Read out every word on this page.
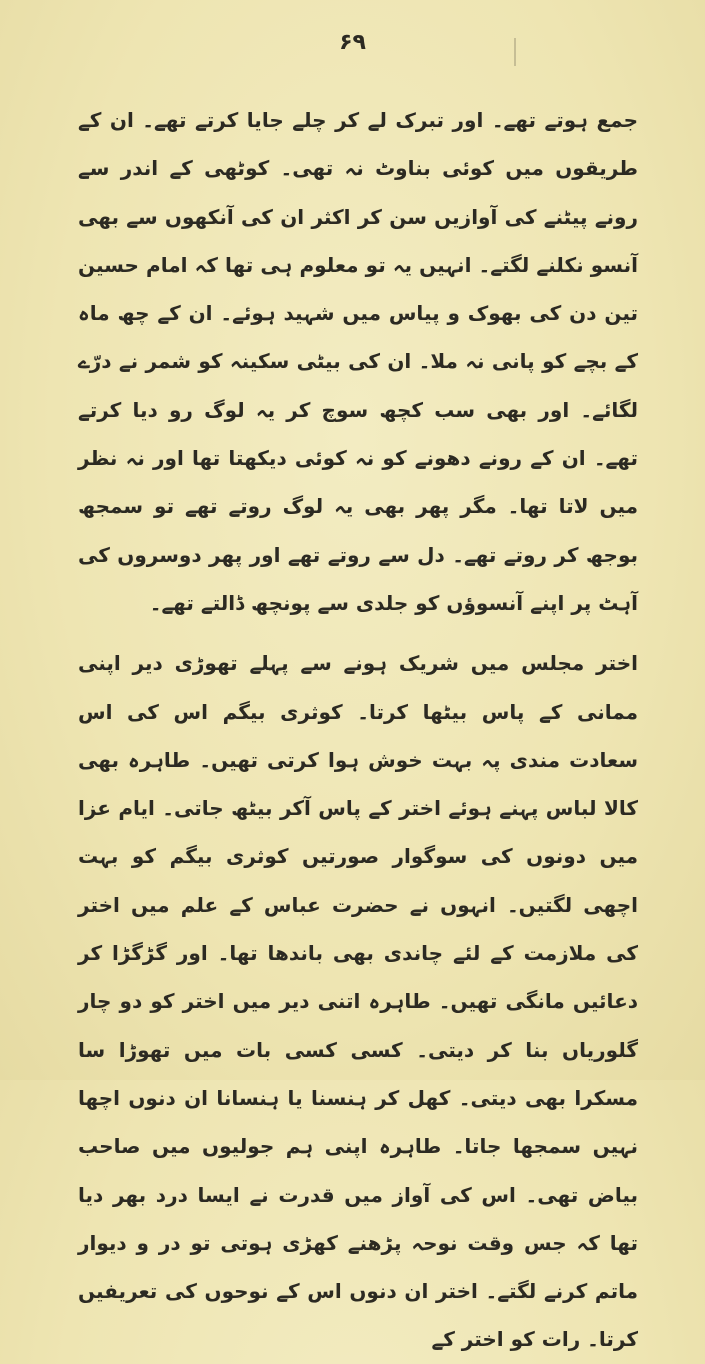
۶۹

جمع ہوتے تھے۔ اور تبرک لے کر چلے جایا کرتے تھے۔ ان کے طریقوں میں کوئی بناوٹ نہ تھی۔ کوٹھی کے اندر سے رونے پیٹنے کی آوازیں سن کر اکثر ان کی آنکھوں سے بھی آنسو نکلنے لگتے۔ انہیں یہ تو معلوم ہی تھا کہ امام حسین تین دن کی بھوک و پیاس میں شہید ہوئے۔ ان کے چھ ماہ کے بچے کو پانی نہ ملا۔ ان کی بیٹی سکینہ کو شمر نے درّے لگائے۔ اور بھی سب کچھ سوچ کر یہ لوگ رو دیا کرتے تھے۔ ان کے رونے دھونے کو نہ کوئی دیکھتا تھا اور نہ نظر میں لاتا تھا۔ مگر پھر بھی یہ لوگ روتے تھے تو سمجھ بوجھ کر روتے تھے۔ دل سے روتے تھے اور پھر دوسروں کی آہٹ پر اپنے آنسوؤں کو جلدی سے پونچھ ڈالتے تھے۔

اختر مجلس میں شریک ہونے سے پہلے تھوڑی دیر اپنی ممانی کے پاس بیٹھا کرتا۔ کوثری بیگم اس کی اس سعادت مندی پہ بہت خوش ہوا کرتی تھیں۔ طاہرہ بھی کالا لباس پہنے ہوئے اختر کے پاس آکر بیٹھ جاتی۔ ایام عزا میں دونوں کی سوگوار صورتیں کوثری بیگم کو بہت اچھی لگتیں۔ انہوں نے حضرت عباس کے علم میں اختر کی ملازمت کے لئے چاندی بھی باندھا تھا۔ اور گڑگڑا کر دعائیں مانگی تھیں۔ طاہرہ اتنی دیر میں اختر کو دو چار گلوریاں بنا کر دیتی۔ کسی کسی بات میں تھوڑا سا مسکرا بھی دیتی۔ کھل کر ہنسنا یا ہنسانا ان دنوں اچھا نہیں سمجھا جاتا۔ طاہرہ اپنی ہم جولیوں میں صاحب بیاض تھی۔ اس کی آواز میں قدرت نے ایسا درد بھر دیا تھا کہ جس وقت نوحہ پڑھنے کھڑی ہوتی تو در و دیوار ماتم کرنے لگتے۔ اختر ان دنوں اس کے نوحوں کی تعریفیں کرتا۔ رات کو اختر کے
